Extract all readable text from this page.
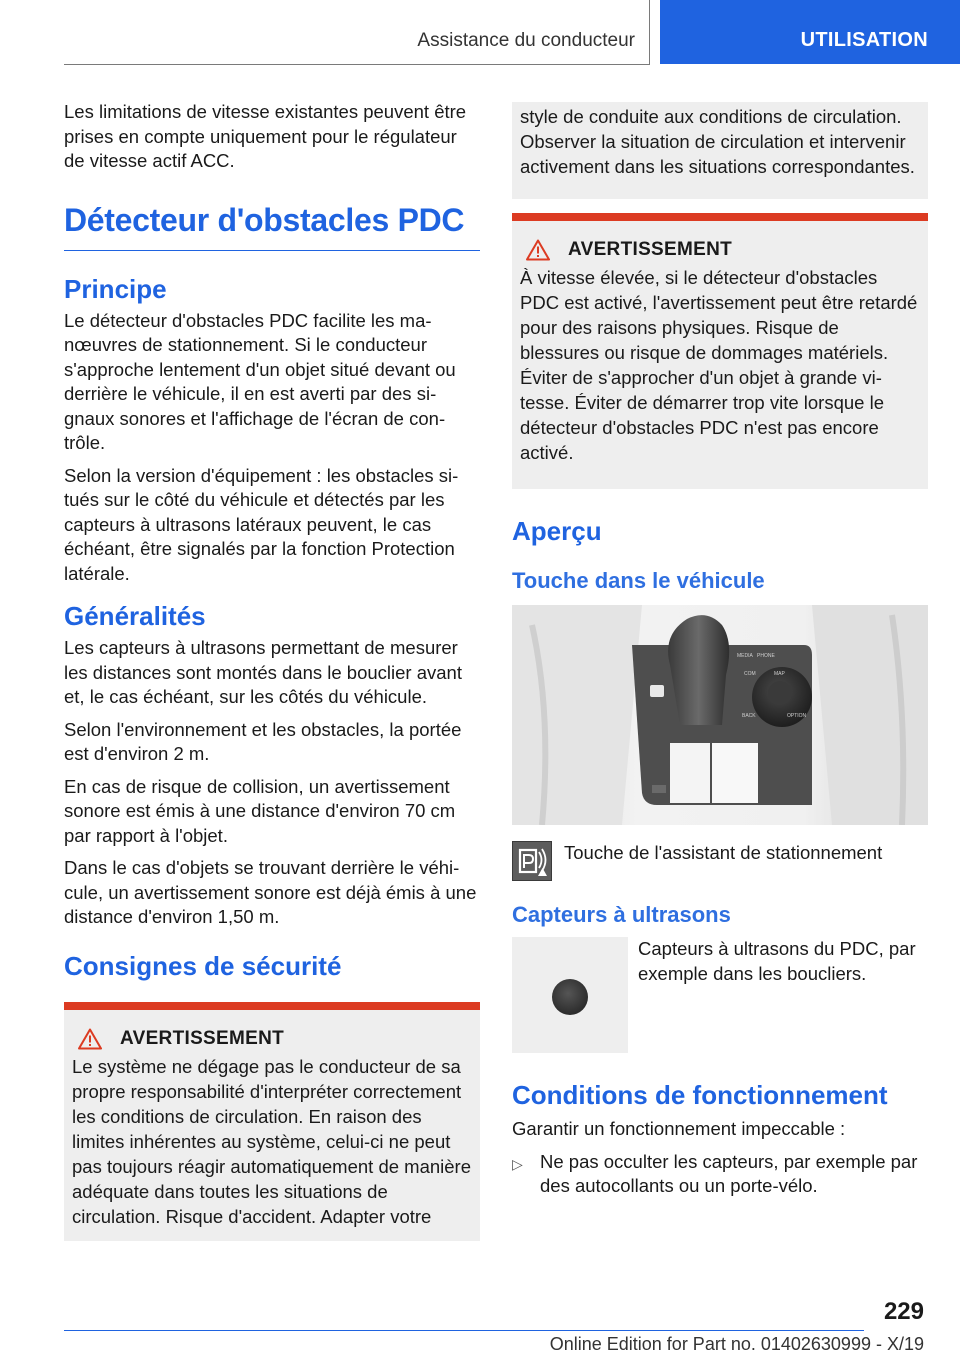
Assistance du conducteur	UTILISATION

Les limitations de vitesse existantes peuvent être prises en compte uniquement pour le régulateur de vitesse actif ACC.

Détecteur d'obstacles PDC
Principe

Le détecteur d'obstacles PDC facilite les manœuvres de stationnement. Si le conducteur s'approche lentement d'un objet situé devant ou derrière le véhicule, il en est averti par des signaux sonores et l'affichage de l'écran de contrôle.

Selon la version d'équipement : les obstacles situés sur le côté du véhicule et détectés par les capteurs à ultrasons latéraux peuvent, le cas échéant, être signalés par la fonction Protection latérale.

Généralités

Les capteurs à ultrasons permettant de mesurer les distances sont montés dans le bouclier avant et, le cas échéant, sur les côtés du véhicule.

Selon l'environnement et les obstacles, la portée est d'environ 2 m.

En cas de risque de collision, un avertissement sonore est émis à une distance d'environ 70 cm par rapport à l'objet.

Dans le cas d'objets se trouvant derrière le véhicule, un avertissement sonore est déjà émis à une distance d'environ 1,50 m.

Consignes de sécurité
AVERTISSEMENT

Le système ne dégage pas le conducteur de sa propre responsabilité d'interpréter correctement les conditions de circulation. En raison des limites inhérentes au système, celui-ci ne peut pas toujours réagir automatiquement de manière adéquate dans toutes les situations de circulation. Risque d'accident. Adapter votre

style de conduite aux conditions de circulation. Observer la situation de circulation et intervenir activement dans les situations correspondantes.

AVERTISSEMENT

À vitesse élevée, si le détecteur d'obstacles PDC est activé, l'avertissement peut être retardé pour des raisons physiques. Risque de blessures ou risque de dommages matériels. Éviter de s'approcher d'un objet à grande vitesse. Éviter de démarrer trop vite lorsque le détecteur d'obstacles PDC n'est pas encore activé.

Aperçu
Touche dans le véhicule
MEDIA PHONE
COM	MAP
BACK	OPTION
Touche de l'assistant de stationnement
Capteurs à ultrasons
Capteurs à ultrasons du PDC, par exemple dans les boucliers.
Conditions de fonctionnement

Garantir un fonctionnement impeccable :

▷ Ne pas occulter les capteurs, par exemple par des autocollants ou un porte-vélo.
229
Online Edition for Part no. 01402630999 - X/19
